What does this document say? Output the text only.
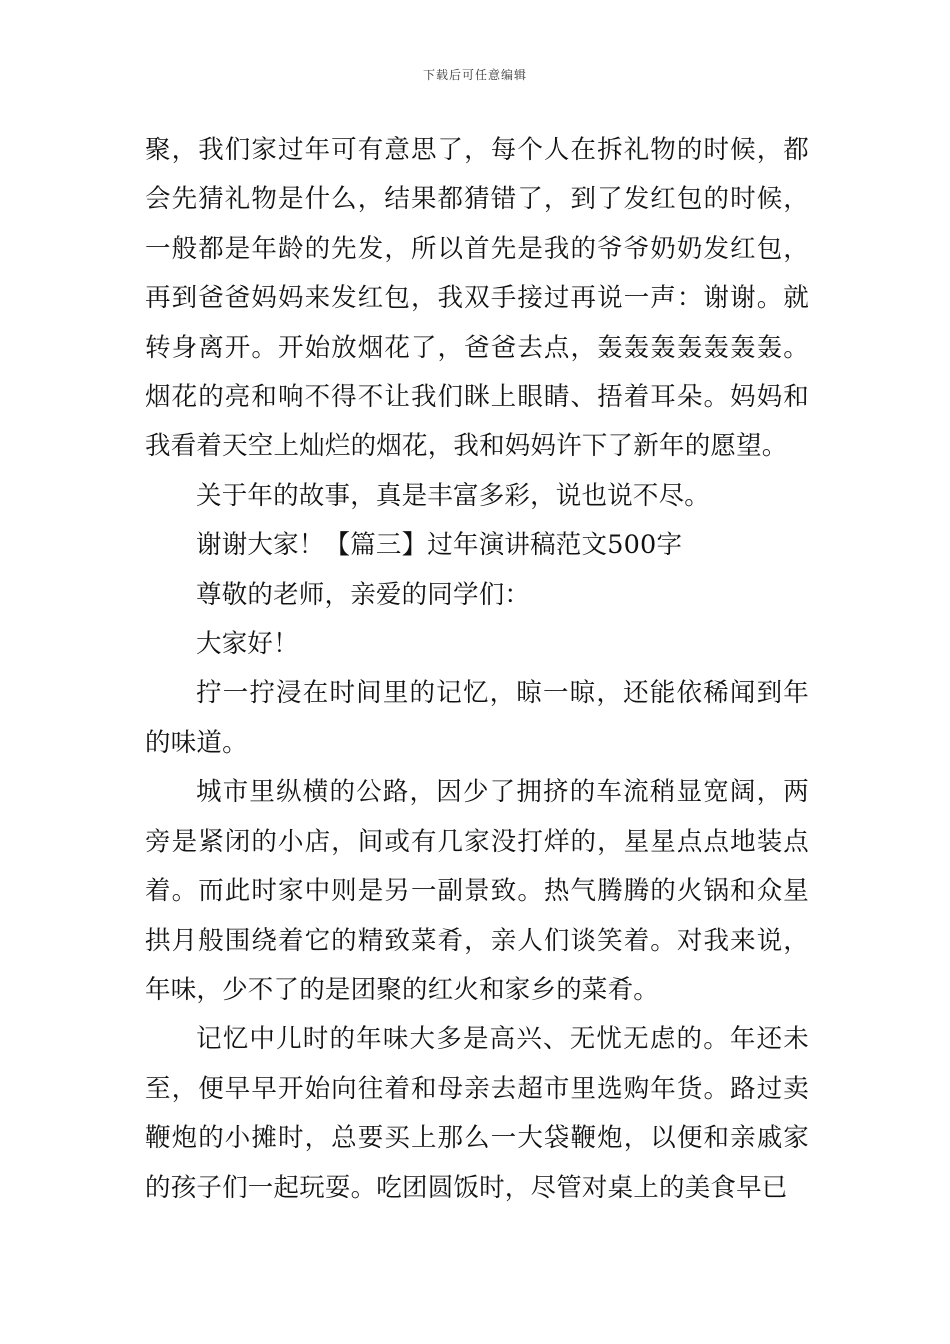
下载后可任意编辑

聚，我们家过年可有意思了，每个人在拆礼物的时候，都会先猜礼物是什么，结果都猜错了，到了发红包的时候，一般都是年龄的先发，所以首先是我的爷爷奶奶发红包，再到爸爸妈妈来发红包，我双手接过再说一声：谢谢。就转身离开。开始放烟花了，爸爸去点，轰轰轰轰轰轰轰。烟花的亮和响不得不让我们眯上眼睛、捂着耳朵。妈妈和我看着天空上灿烂的烟花，我和妈妈许下了新年的愿望。

关于年的故事，真是丰富多彩，说也说不尽。

谢谢大家！【篇三】过年演讲稿范文500字

尊敬的老师，亲爱的同学们：

大家好！

拧一拧浸在时间里的记忆，晾一晾，还能依稀闻到年的味道。

城市里纵横的公路，因少了拥挤的车流稍显宽阔，两旁是紧闭的小店，间或有几家没打烊的，星星点点地装点着。而此时家中则是另一副景致。热气腾腾的火锅和众星拱月般围绕着它的精致菜肴，亲人们谈笑着。对我来说，年味，少不了的是团聚的红火和家乡的菜肴。

记忆中儿时的年味大多是高兴、无忧无虑的。年还未至，便早早开始向往着和母亲去超市里选购年货。路过卖鞭炮的小摊时，总要买上那么一大袋鞭炮，以便和亲戚家的孩子们一起玩耍。吃团圆饭时，尽管对桌上的美食早已
